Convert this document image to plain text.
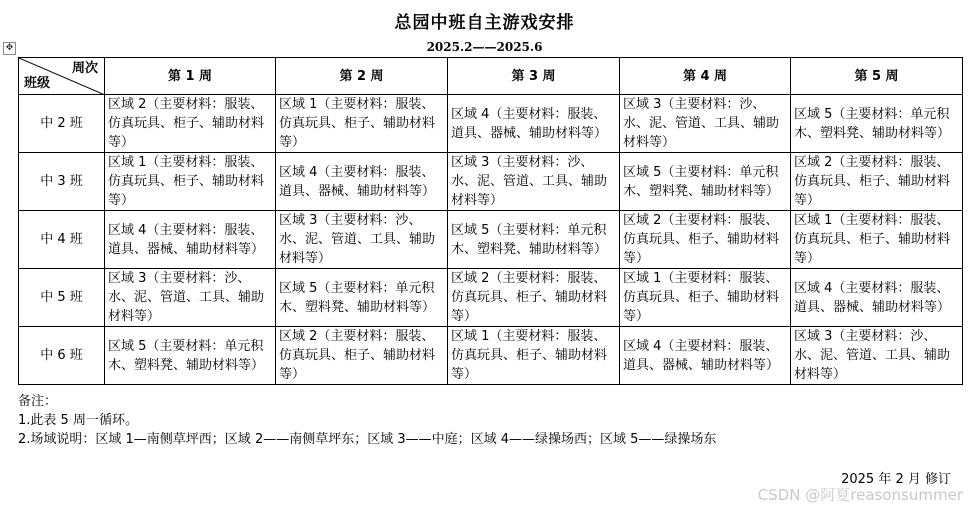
总园中班自主游戏安排
2025.2——2025.6
✥
周次
班级	第 1 周	第 2 周	第 3 周	第 4 周	第 5 周
中 2 班	区域 2（主要材料：服装、仿真玩具、柜子、辅助材料等）	区域 1（主要材料：服装、仿真玩具、柜子、辅助材料等）	区域 4（主要材料：服装、道具、器械、辅助材料等）	区域 3（主要材料：沙、水、泥、管道、工具、辅助材料等）	区域 5（主要材料：单元积木、塑料凳、辅助材料等）
中 3 班	区域 1（主要材料：服装、仿真玩具、柜子、辅助材料等）	区域 4（主要材料：服装、道具、器械、辅助材料等）	区域 3（主要材料：沙、水、泥、管道、工具、辅助材料等）	区域 5（主要材料：单元积木、塑料凳、辅助材料等）	区域 2（主要材料：服装、仿真玩具、柜子、辅助材料等）
中 4 班	区域 4（主要材料：服装、道具、器械、辅助材料等）	区域 3（主要材料：沙、水、泥、管道、工具、辅助材料等）	区域 5（主要材料：单元积木、塑料凳、辅助材料等）	区域 2（主要材料：服装、仿真玩具、柜子、辅助材料等）	区域 1（主要材料：服装、仿真玩具、柜子、辅助材料等）
中 5 班	区域 3（主要材料：沙、水、泥、管道、工具、辅助材料等）	区域 5（主要材料：单元积木、塑料凳、辅助材料等）	区域 2（主要材料：服装、仿真玩具、柜子、辅助材料等）	区域 1（主要材料：服装、仿真玩具、柜子、辅助材料等）	区域 4（主要材料：服装、道具、器械、辅助材料等）
中 6 班	区域 5（主要材料：单元积木、塑料凳、辅助材料等）	区域 2（主要材料：服装、仿真玩具、柜子、辅助材料等）	区域 1（主要材料：服装、仿真玩具、柜子、辅助材料等）	区域 4（主要材料：服装、道具、器械、辅助材料等）	区域 3（主要材料：沙、水、泥、管道、工具、辅助材料等）
备注：
1.此表 5 周一循环。
2.场域说明：区域 1—南侧草坪西；区域 2——南侧草坪东；区域 3——中庭；区域 4——绿操场西；区域 5——绿操场东
2025 年 2 月 修订
CSDN @阿夏reasonsummer
